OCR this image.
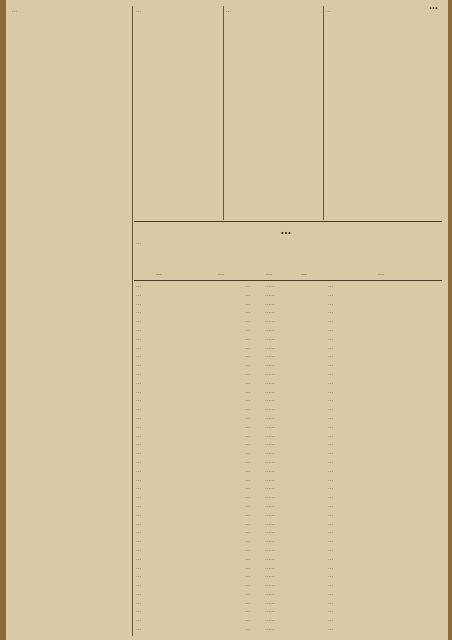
…

…	…	…	…

…
…
…	…	…	…	…
…	…	…	…	…
…	…	…	…	…
…	…	…	…	…
…	…	…	…	…
…	…	…	…	…
…	…	…	…	…
…	…	…	…	…
…	…	…	…	…
…	…	…	…	…
…	…	…	…	…
…	…	…	…	…
…	…	…	…	…
…	…	…	…	…
…	…	…	…	…
…	…	…	…	…
…	…	…	…	…
…	…	…	…	…
…	…	…	…	…
…	…	…	…	…
…	…	…	…	…
…	…	…	…	…
…	…	…	…	…
…	…	…	…	…
…	…	…	…	…
…	…	…	…	…
…	…	…	…	…
…	…	…	…	…
…	…	…	…	…
…	…	…	…	…
…	…	…	…	…
…	…	…	…	…
…	…	…	…	…
…	…	…	…	…
…	…	…	…	…
…	…	…	…	…
…	…	…	…	…
…	…	…	…	…
…	…	…	…	…
…	…	…	…	…
…	…	…	…	…
